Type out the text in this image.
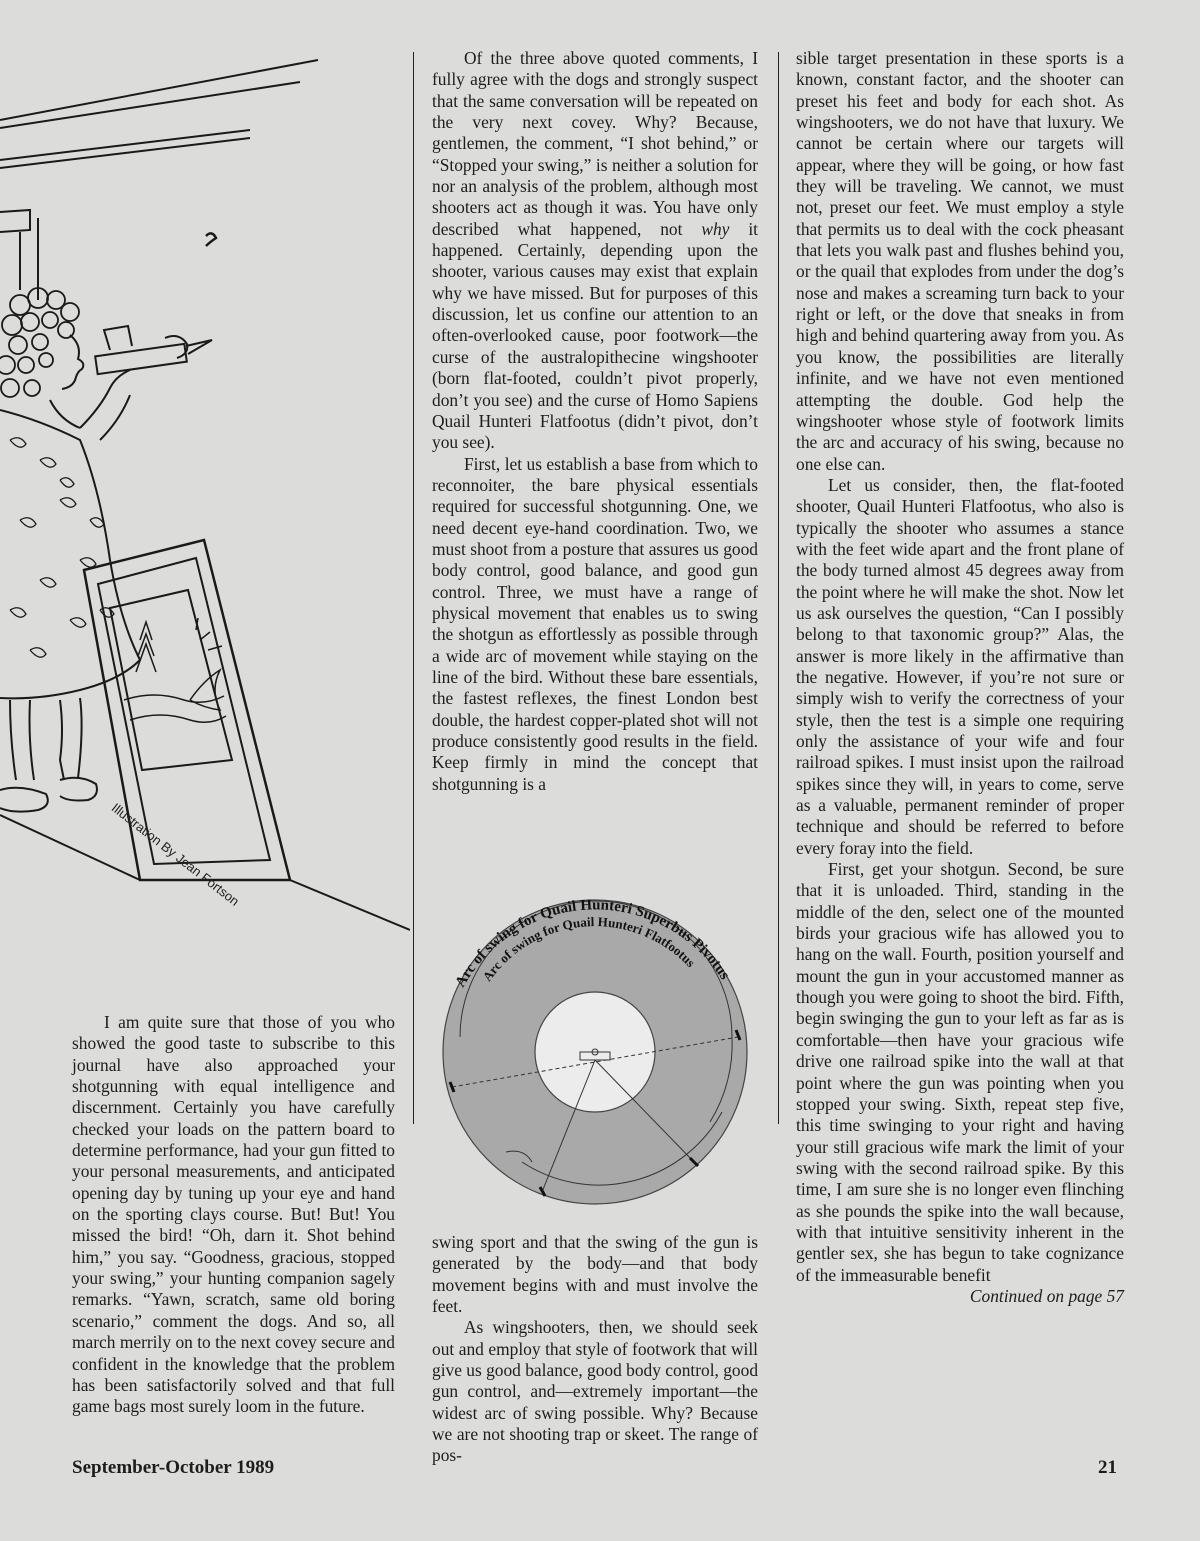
Illustration By Jean Fortson

I am quite sure that those of you who showed the good taste to subscribe to this journal have also approached your shotgunning with equal intelligence and discernment. Certainly you have carefully checked your loads on the pattern board to determine performance, had your gun fitted to your personal measurements, and anticipated opening day by tuning up your eye and hand on the sporting clays course. But! But! You missed the bird! “Oh, darn it. Shot behind him,” you say. “Goodness, gracious, stopped your swing,” your hunting companion sagely remarks. “Yawn, scratch, same old boring scenario,” comment the dogs. And so, all march merrily on to the next covey secure and confident in the knowledge that the problem has been satisfactorily solved and that full game bags most surely loom in the future.

Of the three above quoted comments, I fully agree with the dogs and strongly suspect that the same conversation will be repeated on the very next covey. Why? Because, gentlemen, the comment, “I shot behind,” or “Stopped your swing,” is neither a solution for nor an analysis of the problem, although most shooters act as though it was. You have only described what happened, not why it happened. Certainly, depending upon the shooter, various causes may exist that explain why we have missed. But for purposes of this discussion, let us confine our attention to an often-overlooked cause, poor footwork—the curse of the australopithecine wingshooter (born flat-footed, couldn’t pivot properly, don’t you see) and the curse of Homo Sapiens Quail Hunteri Flatfootus (didn’t pivot, don’t you see).

First, let us establish a base from which to reconnoiter, the bare physical essentials required for successful shotgunning. One, we need decent eye-hand coordination. Two, we must shoot from a posture that assures us good body control, good balance, and good gun control. Three, we must have a range of physical movement that enables us to swing the shotgun as effortlessly as possible through a wide arc of movement while staying on the line of the bird. Without these bare essentials, the fastest reflexes, the finest London best double, the hardest copper-plated shot will not produce consistently good results in the field. Keep firmly in mind the concept that shotgunning is a

Arc of swing for Quail Hunteri Superbus Pivotus
Arc of swing for Quail Hunteri Flatfootus

swing sport and that the swing of the gun is generated by the body—and that body movement begins with and must involve the feet.

As wingshooters, then, we should seek out and employ that style of footwork that will give us good balance, good body control, good gun control, and—extremely important—the widest arc of swing possible. Why? Because we are not shooting trap or skeet. The range of pos-

sible target presentation in these sports is a known, constant factor, and the shooter can preset his feet and body for each shot. As wingshooters, we do not have that luxury. We cannot be certain where our targets will appear, where they will be going, or how fast they will be traveling. We cannot, we must not, preset our feet. We must employ a style that permits us to deal with the cock pheasant that lets you walk past and flushes behind you, or the quail that explodes from under the dog’s nose and makes a screaming turn back to your right or left, or the dove that sneaks in from high and behind quartering away from you. As you know, the possibilities are literally infinite, and we have not even mentioned attempting the double. God help the wingshooter whose style of footwork limits the arc and accuracy of his swing, because no one else can.

Let us consider, then, the flat-footed shooter, Quail Hunteri Flatfootus, who also is typically the shooter who assumes a stance with the feet wide apart and the front plane of the body turned almost 45 degrees away from the point where he will make the shot. Now let us ask ourselves the question, “Can I possibly belong to that taxonomic group?” Alas, the answer is more likely in the affirmative than the negative. However, if you’re not sure or simply wish to verify the correctness of your style, then the test is a simple one requiring only the assistance of your wife and four railroad spikes. I must insist upon the railroad spikes since they will, in years to come, serve as a valuable, permanent reminder of proper technique and should be referred to before every foray into the field.

First, get your shotgun. Second, be sure that it is unloaded. Third, standing in the middle of the den, select one of the mounted birds your gracious wife has allowed you to hang on the wall. Fourth, position yourself and mount the gun in your accustomed manner as though you were going to shoot the bird. Fifth, begin swinging the gun to your left as far as is comfortable—then have your gracious wife drive one railroad spike into the wall at that point where the gun was pointing when you stopped your swing. Sixth, repeat step five, this time swinging to your right and having your still gracious wife mark the limit of your swing with the second railroad spike. By this time, I am sure she is no longer even flinching as she pounds the spike into the wall because, with that intuitive sensitivity inherent in the gentler sex, she has begun to take cognizance of the immeasurable benefit

Continued on page 57
September-October 1989	21
